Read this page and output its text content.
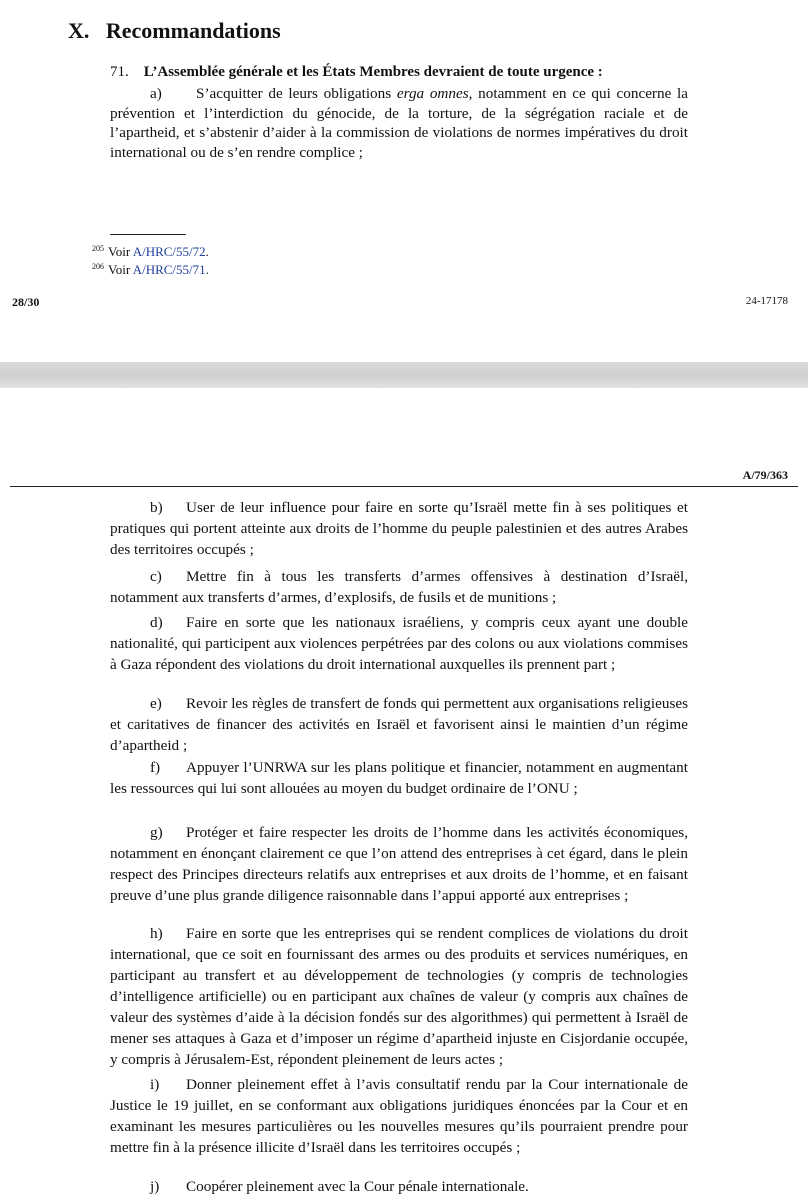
X.   Recommandations
71. L’Assemblée générale et les États Membres devraient de toute urgence :

a) S’acquitter de leurs obligations erga omnes, notamment en ce qui concerne la prévention et l’interdiction du génocide, de la torture, de la ségrégation raciale et de l’apartheid, et s’abstenir d’aider à la commission de violations de normes impératives du droit international ou de s’en rendre complice ;

$^{205}$ Voir A/HRC/55/72.
$^{206}$ Voir A/HRC/55/71.
28/30	24-17178
A/79/363

b) User de leur influence pour faire en sorte qu’Israël mette fin à ses politiques et pratiques qui portent atteinte aux droits de l’homme du peuple palestinien et des autres Arabes des territoires occupés ;

c) Mettre fin à tous les transferts d’armes offensives à destination d’Israël, notamment aux transferts d’armes, d’explosifs, de fusils et de munitions ;

d) Faire en sorte que les nationaux israéliens, y compris ceux ayant une double nationalité, qui participent aux violences perpétrées par des colons ou aux violations commises à Gaza répondent des violations du droit international auxquelles ils prennent part ;

e) Revoir les règles de transfert de fonds qui permettent aux organisations religieuses et caritatives de financer des activités en Israël et favorisent ainsi le maintien d’un régime d’apartheid ;

f) Appuyer l’UNRWA sur les plans politique et financier, notamment en augmentant les ressources qui lui sont allouées au moyen du budget ordinaire de l’ONU ;

g) Protéger et faire respecter les droits de l’homme dans les activités économiques, notamment en énonçant clairement ce que l’on attend des entreprises à cet égard, dans le plein respect des Principes directeurs relatifs aux entreprises et aux droits de l’homme, et en faisant preuve d’une plus grande diligence raisonnable dans l’appui apporté aux entreprises ;

h) Faire en sorte que les entreprises qui se rendent complices de violations du droit international, que ce soit en fournissant des armes ou des produits et services numériques, en participant au transfert et au développement de technologies (y compris de technologies d’intelligence artificielle) ou en participant aux chaînes de valeur (y compris aux chaînes de valeur des systèmes d’aide à la décision fondés sur des algorithmes) qui permettent à Israël de mener ses attaques à Gaza et d’imposer un régime d’apartheid injuste en Cisjordanie occupée, y compris à Jérusalem-Est, répondent pleinement de leurs actes ;

i) Donner pleinement effet à l’avis consultatif rendu par la Cour internationale de Justice le 19 juillet, en se conformant aux obligations juridiques énoncées par la Cour et en examinant les mesures particulières ou les nouvelles mesures qu’ils pourraient prendre pour mettre fin à la présence illicite d’Israël dans les territoires occupés ;

j) Coopérer pleinement avec la Cour pénale internationale.
